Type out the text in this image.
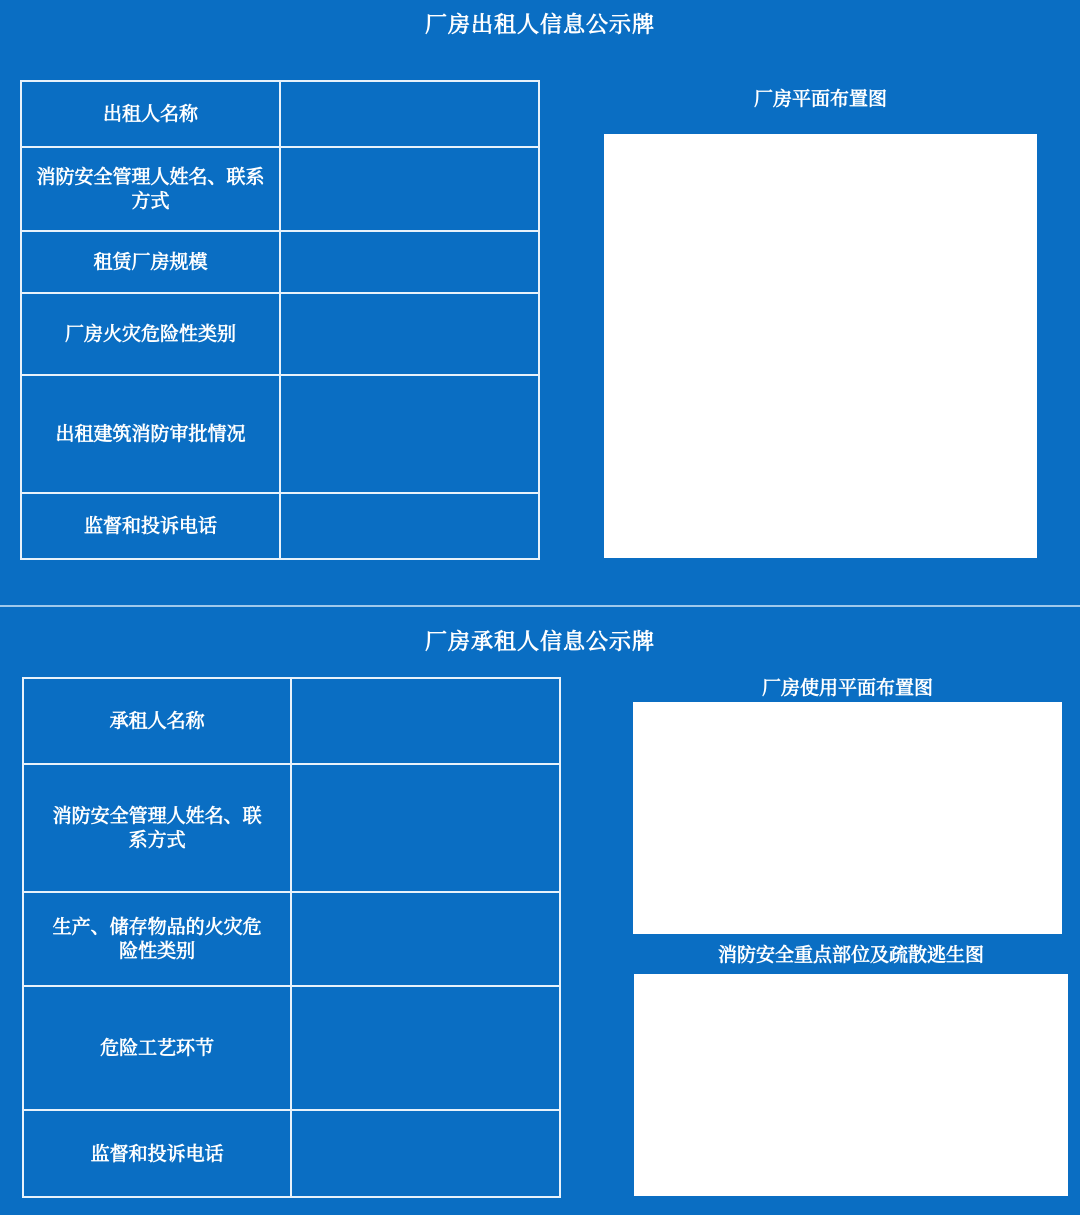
厂房出租人信息公示牌
出租人名称	
消防安全管理人姓名、联系方式	
租赁厂房规模	
厂房火灾危险性类别	
出租建筑消防审批情况	
监督和投诉电话	
厂房平面布置图
厂房承租人信息公示牌
承租人名称	
消防安全管理人姓名、联系方式	
生产、储存物品的火灾危险性类别	
危险工艺环节	
监督和投诉电话	
厂房使用平面布置图
消防安全重点部位及疏散逃生图
